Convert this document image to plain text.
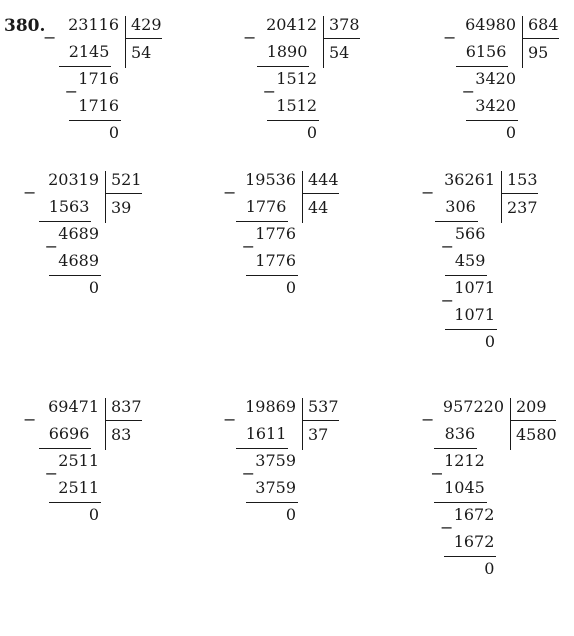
380. 23116
−
2145
1716
−
1716
0
429
54
20412
−
1890
1512
−
1512
0
378
54
64980
−
6156
3420
−
3420
0
684
95
20319
−
1563
4689
−
4689
0
521
39
19536
−
1776
1776
−
1776
0
444
44
36261
−
306
566
−
459
1071
−
1071
0
153
237
69471
−
6696
2511
−
2511
0
837
83
19869
−
1611
3759
−
3759
0
537
37
957220
−
836
1212
−
1045
1672
−
1672
0
209
4580
